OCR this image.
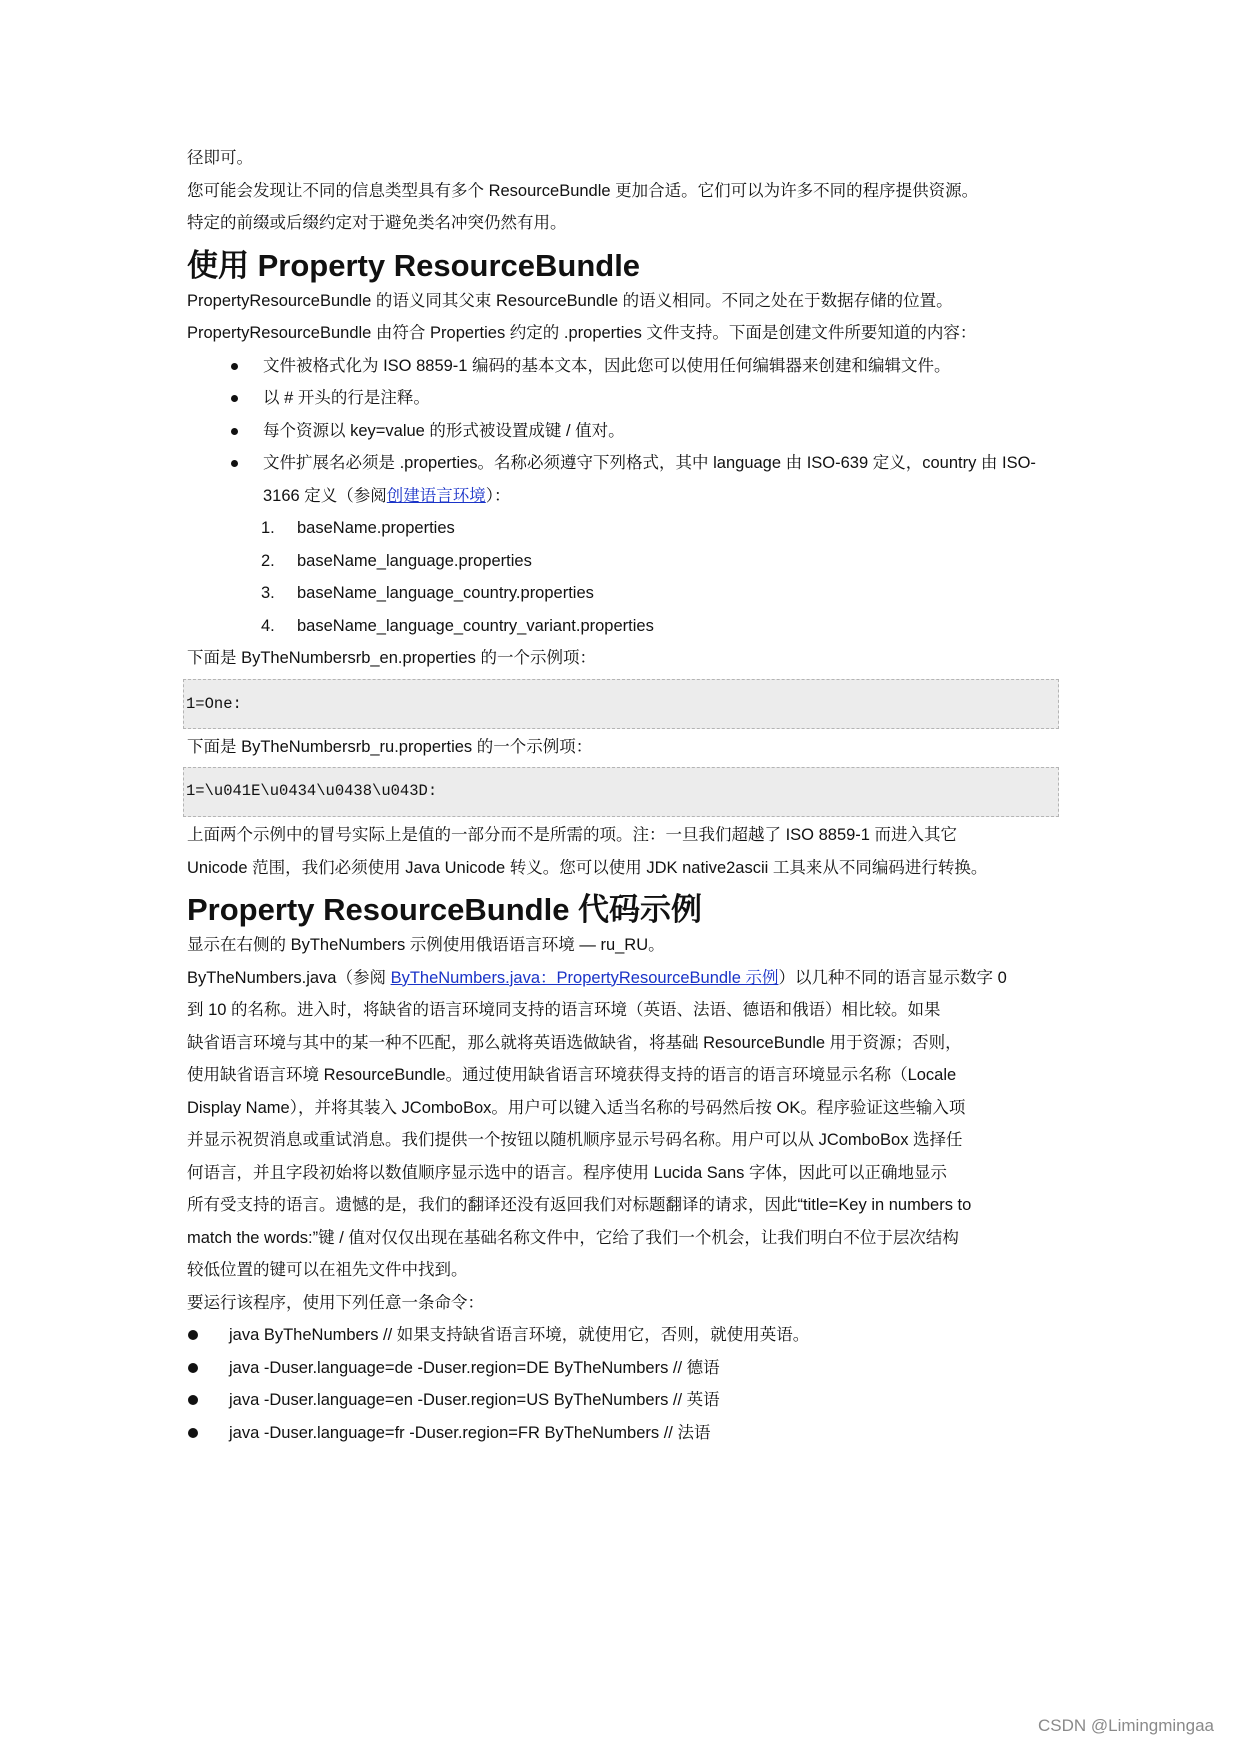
径即可。

您可能会发现让不同的信息类型具有多个 ResourceBundle 更加合适。它们可以为许多不同的程序提供资源。

特定的前缀或后缀约定对于避免类名冲突仍然有用。

使用 Property ResourceBundle

PropertyResourceBundle 的语义同其父束 ResourceBundle 的语义相同。不同之处在于数据存储的位置。

PropertyResourceBundle 由符合 Properties 约定的 .properties 文件支持。下面是创建文件所要知道的内容：

文件被格式化为 ISO 8859-1 编码的基本文本，因此您可以使用任何编辑器来创建和编辑文件。
以 # 开头的行是注释。
每个资源以 key=value 的形式被设置成键 / 值对。
文件扩展名必须是 .properties。名称必须遵守下列格式，其中 language 由 ISO-639 定义，country 由 ISO-3166 定义（参阅创建语言环境）：
1.	baseName.properties
2.	baseName_language.properties
3.	baseName_language_country.properties
4.	baseName_language_country_variant.properties

下面是 ByTheNumbersrb_en.properties 的一个示例项：

1=One:

下面是 ByTheNumbersrb_ru.properties 的一个示例项：

1=\u041E\u0434\u0438\u043D:

上面两个示例中的冒号实际上是值的一部分而不是所需的项。注：一旦我们超越了 ISO 8859-1 而进入其它

Unicode 范围，我们必须使用 Java Unicode 转义。您可以使用 JDK native2ascii 工具来从不同编码进行转换。

Property ResourceBundle 代码示例

显示在右侧的 ByTheNumbers 示例使用俄语语言环境 — ru_RU。

ByTheNumbers.java（参阅 ByTheNumbers.java：PropertyResourceBundle 示例）以几种不同的语言显示数字 0

到 10 的名称。进入时，将缺省的语言环境同支持的语言环境（英语、法语、德语和俄语）相比较。如果

缺省语言环境与其中的某一种不匹配，那么就将英语选做缺省，将基础 ResourceBundle 用于资源；否则，

使用缺省语言环境 ResourceBundle。通过使用缺省语言环境获得支持的语言的语言环境显示名称（Locale

Display Name），并将其装入 JComboBox。用户可以键入适当名称的号码然后按 OK。程序验证这些输入项

并显示祝贺消息或重试消息。我们提供一个按钮以随机顺序显示号码名称。用户可以从 JComboBox 选择任

何语言，并且字段初始将以数值顺序显示选中的语言。程序使用 Lucida Sans 字体，因此可以正确地显示

所有受支持的语言。遗憾的是，我们的翻译还没有返回我们对标题翻译的请求，因此“title=Key in numbers to

match the words:”键 / 值对仅仅出现在基础名称文件中，它给了我们一个机会，让我们明白不位于层次结构

较低位置的键可以在祖先文件中找到。

要运行该程序，使用下列任意一条命令：

java ByTheNumbers // 如果支持缺省语言环境，就使用它，否则，就使用英语。
java -Duser.language=de -Duser.region=DE ByTheNumbers // 德语
java -Duser.language=en -Duser.region=US ByTheNumbers // 英语
java -Duser.language=fr -Duser.region=FR ByTheNumbers // 法语
CSDN @Limingmingaa
